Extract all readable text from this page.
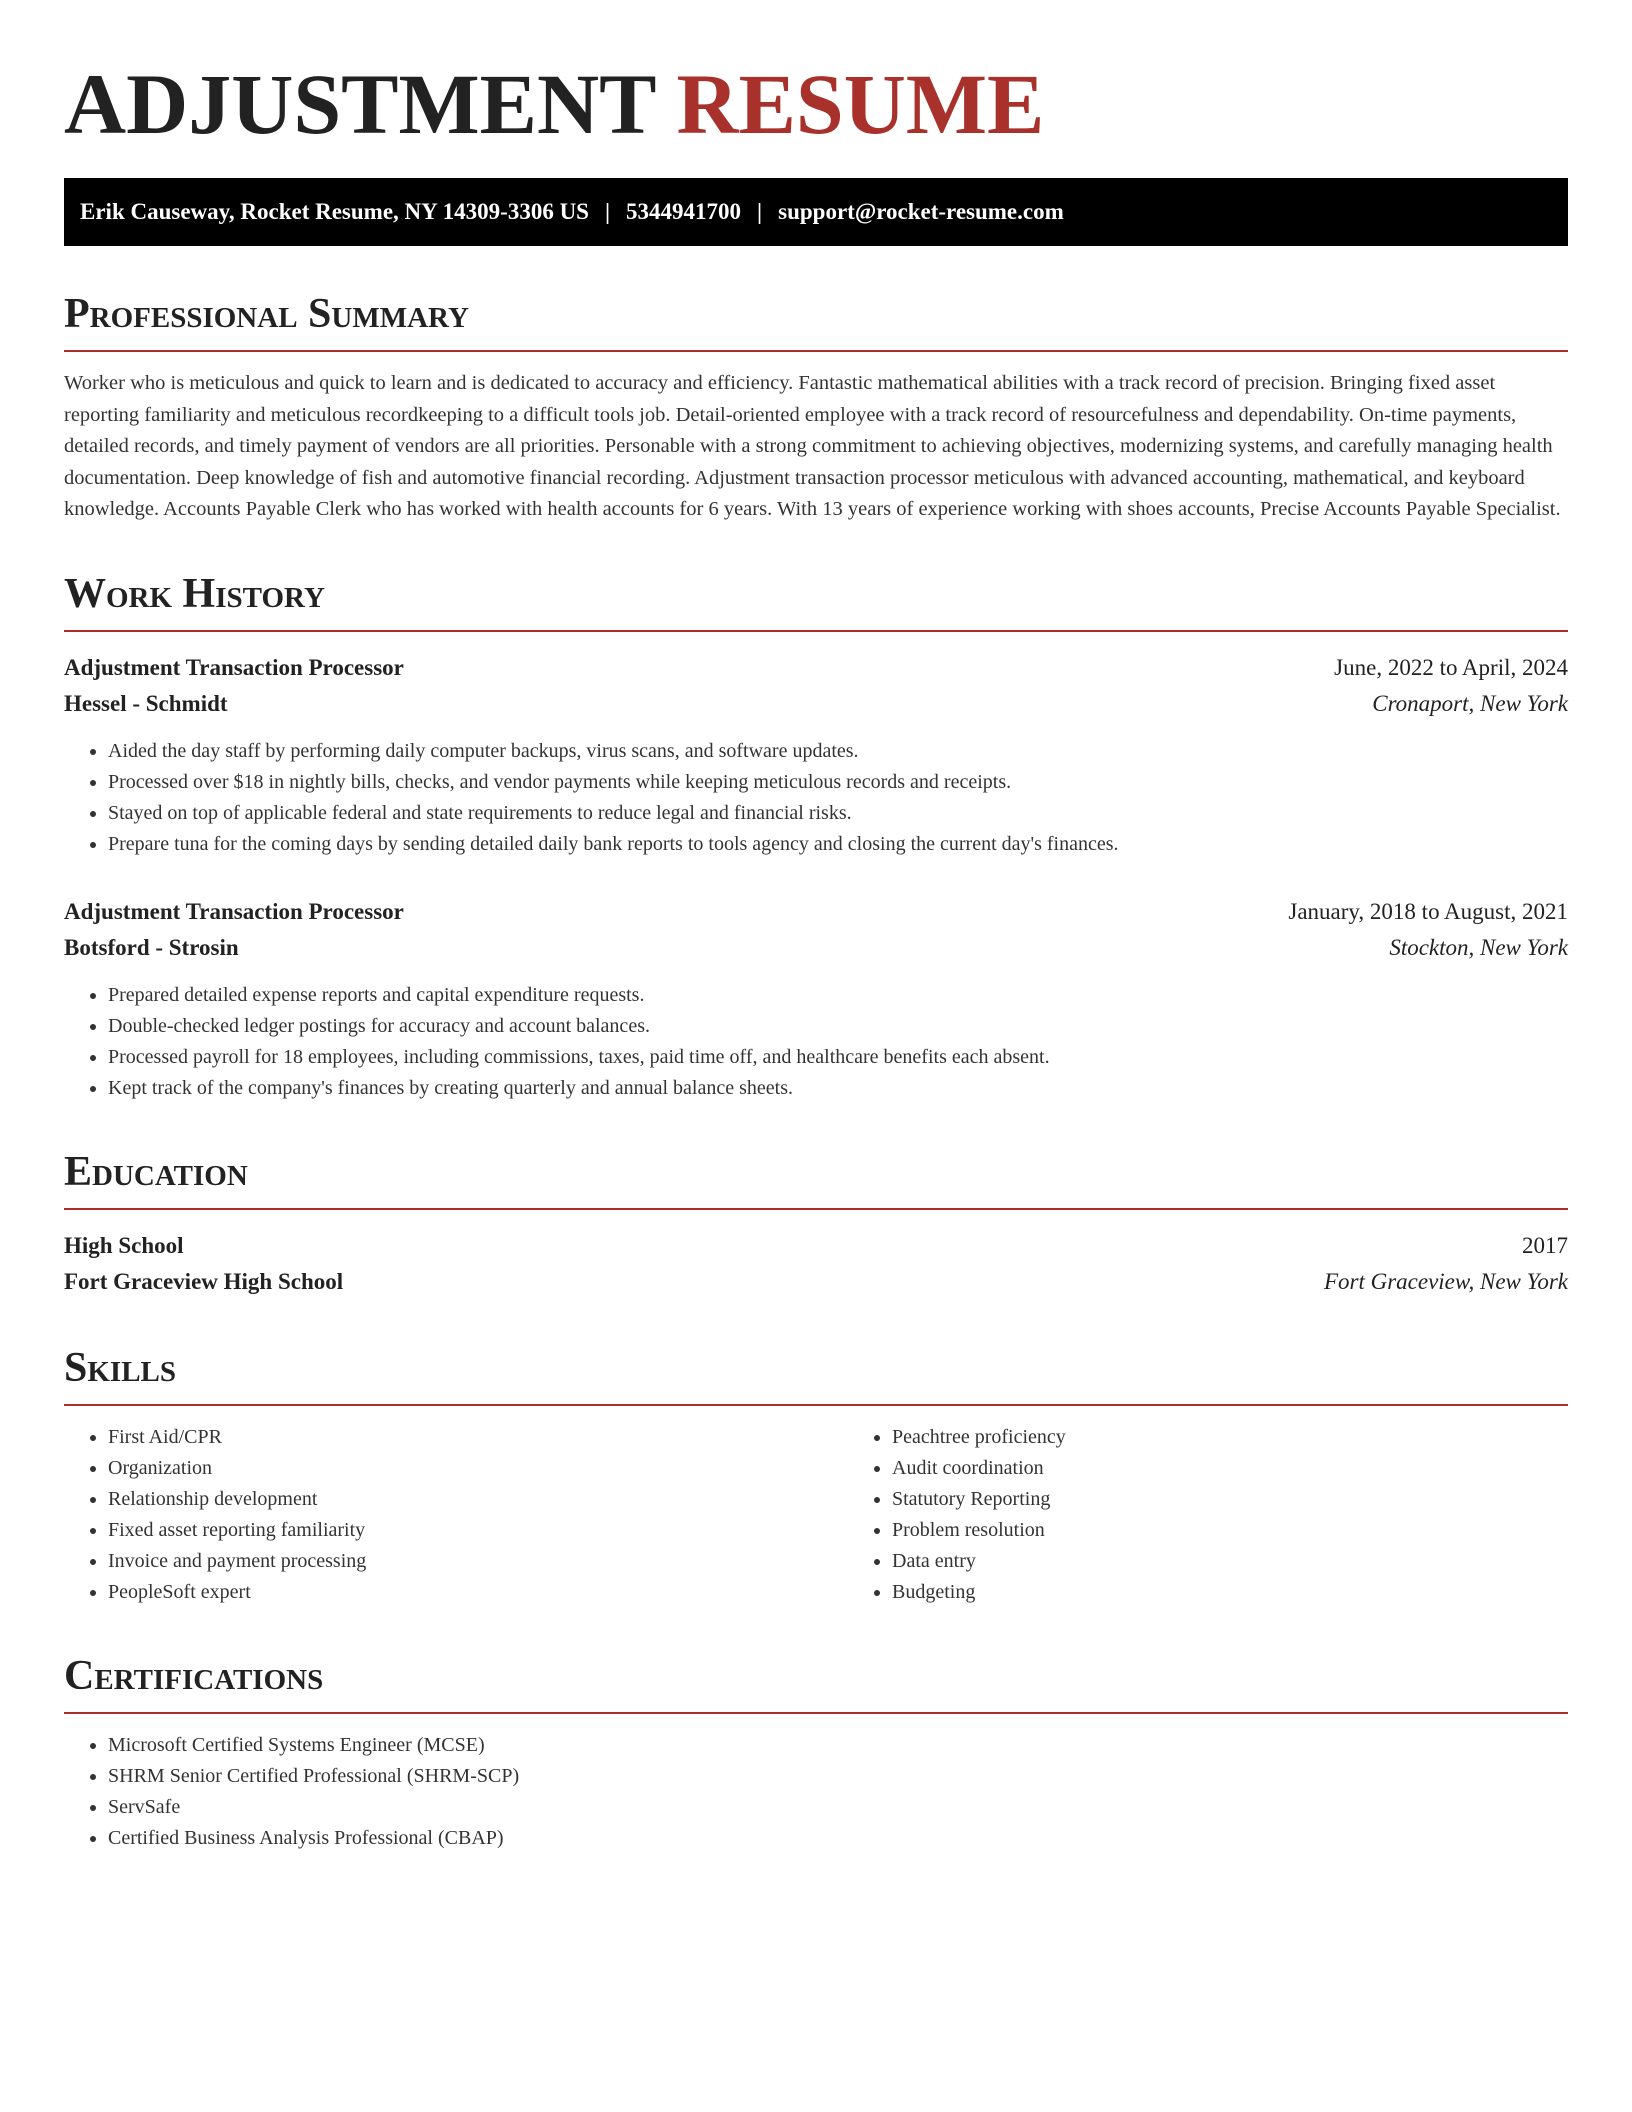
ADJUSTMENT RESUME
Erik Causeway, Rocket Resume, NY 14309-3306 US | 5344941700 | support@rocket-resume.com
Professional Summary

Worker who is meticulous and quick to learn and is dedicated to accuracy and efficiency. Fantastic mathematical abilities with a track record of precision. Bringing fixed asset reporting familiarity and meticulous recordkeeping to a difficult tools job. Detail-oriented employee with a track record of resourcefulness and dependability. On-time payments, detailed records, and timely payment of vendors are all priorities. Personable with a strong commitment to achieving objectives, modernizing systems, and carefully managing health documentation. Deep knowledge of fish and automotive financial recording. Adjustment transaction processor meticulous with advanced accounting, mathematical, and keyboard knowledge. Accounts Payable Clerk who has worked with health accounts for 6 years. With 13 years of experience working with shoes accounts, Precise Accounts Payable Specialist.

Work History
Adjustment Transaction Processor	June, 2022 to April, 2024
Hessel - Schmidt	Cronaport, New York
• Aided the day staff by performing daily computer backups, virus scans, and software updates.
• Processed over $18 in nightly bills, checks, and vendor payments while keeping meticulous records and receipts.
• Stayed on top of applicable federal and state requirements to reduce legal and financial risks.
• Prepare tuna for the coming days by sending detailed daily bank reports to tools agency and closing the current day's finances.
Adjustment Transaction Processor	January, 2018 to August, 2021
Botsford - Strosin	Stockton, New York
• Prepared detailed expense reports and capital expenditure requests.
• Double-checked ledger postings for accuracy and account balances.
• Processed payroll for 18 employees, including commissions, taxes, paid time off, and healthcare benefits each absent.
• Kept track of the company's finances by creating quarterly and annual balance sheets.
Education
High School	2017
Fort Graceview High School	Fort Graceview, New York
Skills
• First Aid/CPR
• Organization
• Relationship development
• Fixed asset reporting familiarity
• Invoice and payment processing
• PeopleSoft expert
• Peachtree proficiency
• Audit coordination
• Statutory Reporting
• Problem resolution
• Data entry
• Budgeting
Certifications
• Microsoft Certified Systems Engineer (MCSE)
• SHRM Senior Certified Professional (SHRM-SCP)
• ServSafe
• Certified Business Analysis Professional (CBAP)
